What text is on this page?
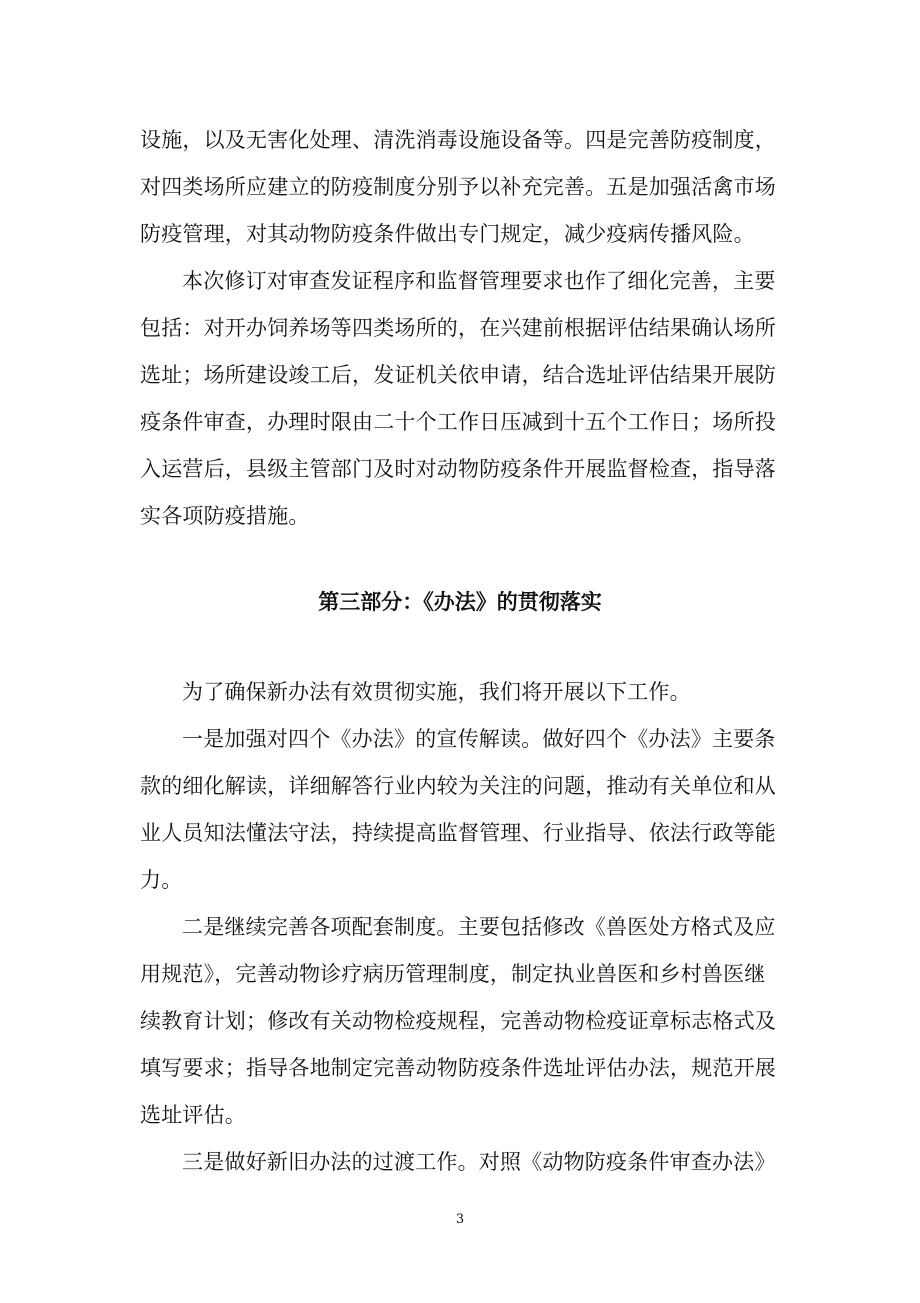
设施，以及无害化处理、清洗消毒设施设备等。四是完善防疫制度，
对四类场所应建立的防疫制度分别予以补充完善。五是加强活禽市场
防疫管理，对其动物防疫条件做出专门规定，减少疫病传播风险。
本次修订对审查发证程序和监督管理要求也作了细化完善，主要
包括：对开办饲养场等四类场所的，在兴建前根据评估结果确认场所
选址；场所建设竣工后，发证机关依申请，结合选址评估结果开展防
疫条件审查，办理时限由二十个工作日压减到十五个工作日；场所投
入运营后，县级主管部门及时对动物防疫条件开展监督检查，指导落
实各项防疫措施。
第三部分：《办法》的贯彻落实
为了确保新办法有效贯彻实施，我们将开展以下工作。
一是加强对四个《办法》的宣传解读。做好四个《办法》主要条
款的细化解读，详细解答行业内较为关注的问题，推动有关单位和从
业人员知法懂法守法，持续提高监督管理、行业指导、依法行政等能
力。
二是继续完善各项配套制度。主要包括修改《兽医处方格式及应
用规范》，完善动物诊疗病历管理制度，制定执业兽医和乡村兽医继
续教育计划；修改有关动物检疫规程，完善动物检疫证章标志格式及
填写要求；指导各地制定完善动物防疫条件选址评估办法，规范开展
选址评估。
三是做好新旧办法的过渡工作。对照《动物防疫条件审查办法》
3
